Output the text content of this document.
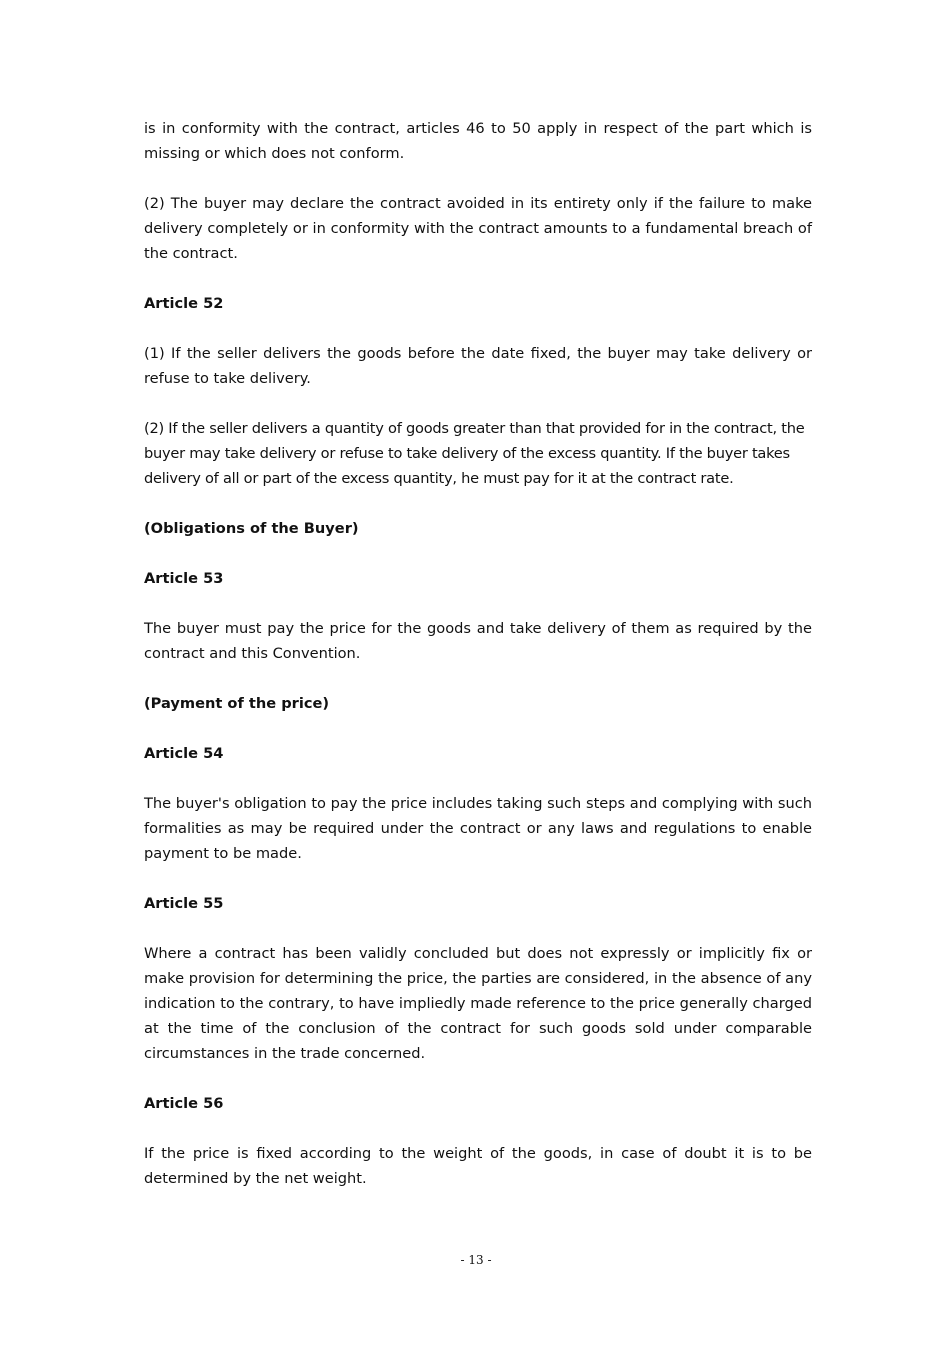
is in conformity with the contract, articles 46 to 50 apply in respect of the part which is missing or which does not conform.

(2) The buyer may declare the contract avoided in its entirety only if the failure to make delivery completely or in conformity with the contract amounts to a fundamental breach of the contract.

Article 52

(1) If the seller delivers the goods before the date fixed, the buyer may take delivery or refuse to take delivery.

(2) If the seller delivers a quantity of goods greater than that provided for in the contract, the buyer may take delivery or refuse to take delivery of the excess quantity. If the buyer takes delivery of all or part of the excess quantity, he must pay for it at the contract rate.

(Obligations of the Buyer)

Article 53

The buyer must pay the price for the goods and take delivery of them as required by the contract and this Convention.

(Payment of the price)

Article 54

The buyer's obligation to pay the price includes taking such steps and complying with such formalities as may be required under the contract or any laws and regulations to enable payment to be made.

Article 55

Where a contract has been validly concluded but does not expressly or implicitly fix or make provision for determining the price, the parties are considered, in the absence of any indication to the contrary, to have impliedly made reference to the price generally charged at the time of the conclusion of the contract for such goods sold under comparable circumstances in the trade concerned.

Article 56

If the price is fixed according to the weight of the goods, in case of doubt it is to be determined by the net weight.

- 13 -
